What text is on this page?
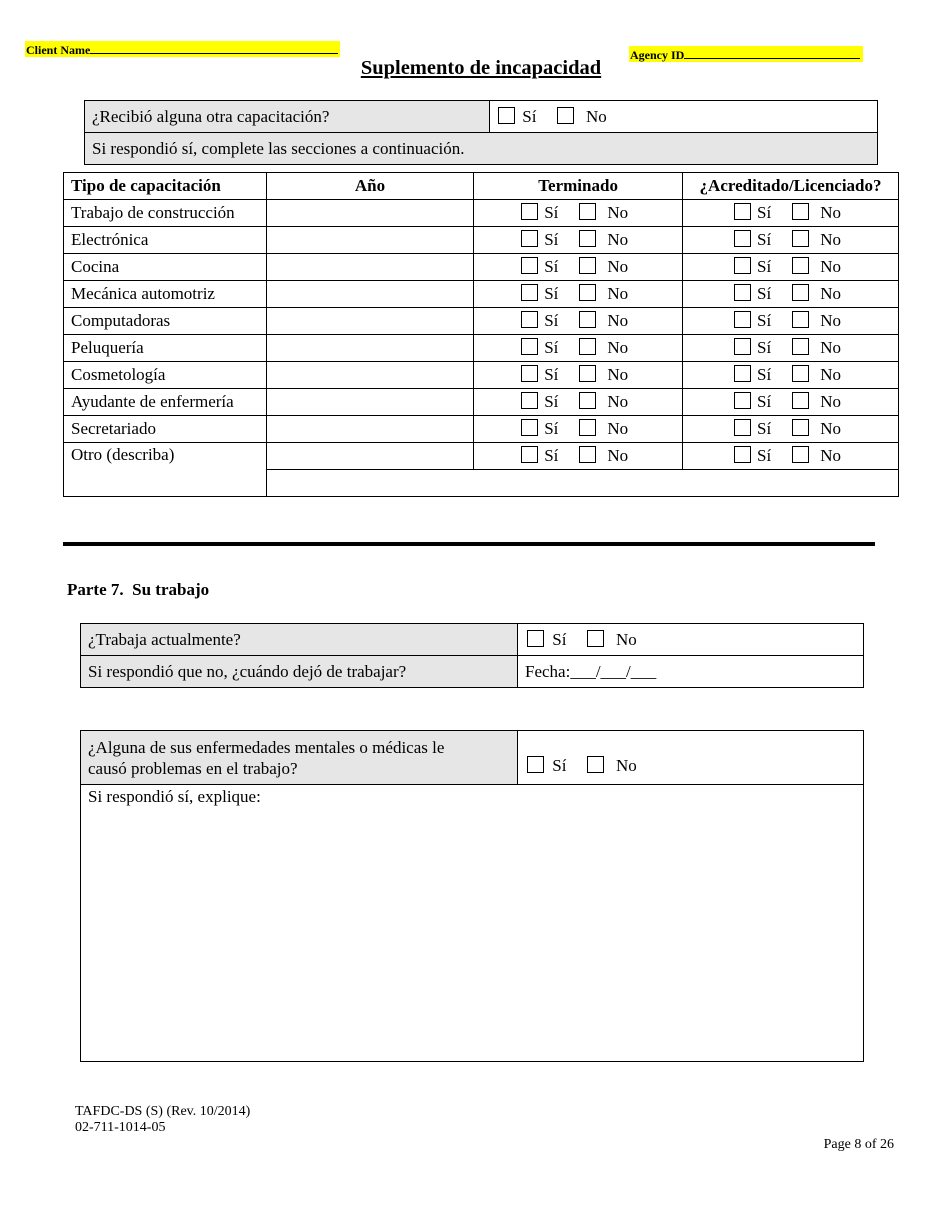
Client Name	Agency ID
Suplemento de incapacidad
¿Recibió alguna otra capacitación?	Sí	No
Si respondió sí, complete las secciones a continuación.
Tipo de capacitación	Año	Terminado	¿Acreditado/Licenciado?
Trabajo de construcción		Sí No	Sí No
Electrónica		Sí No	Sí No
Cocina		Sí No	Sí No
Mecánica automotriz		Sí No	Sí No
Computadoras		Sí No	Sí No
Peluquería		Sí No	Sí No
Cosmetología		Sí No	Sí No
Ayudante de enfermería		Sí No	Sí No
Secretariado		Sí No	Sí No
Otro (describa)		Sí No	Sí No

Parte 7.  Su trabajo
¿Trabaja actualmente?	Sí No
Si respondió que no, ¿cuándo dejó de trabajar?	Fecha:___/___/___
¿Alguna de sus enfermedades mentales o médicas le
causó problemas en el trabajo?	Sí	No
Si respondió sí, explique:
TAFDC-DS (S) (Rev. 10/2014)
02-711-1014-05
Page 8 of 26
